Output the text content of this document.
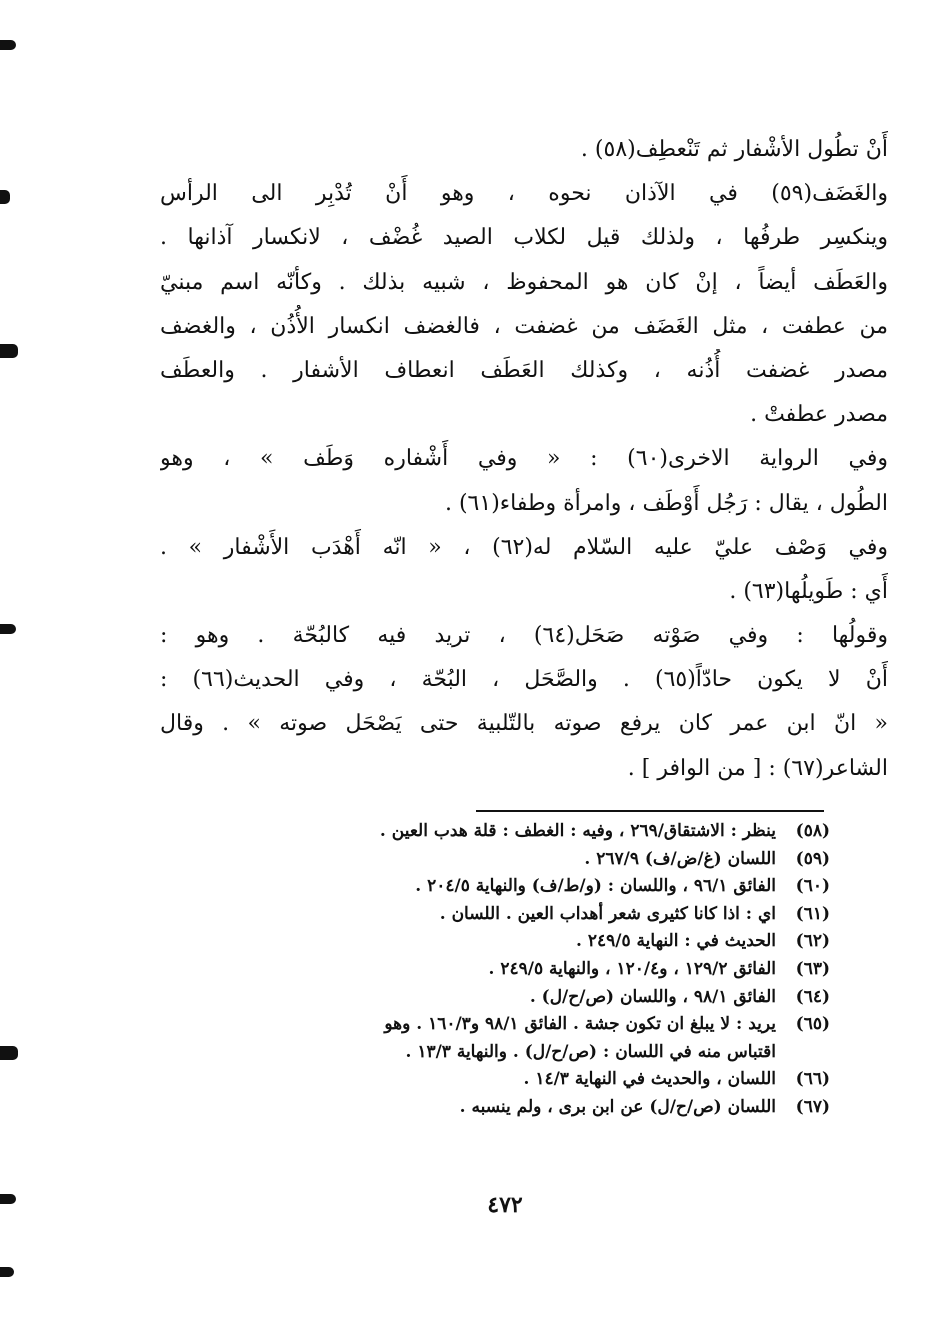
أَنْ تطُول الأشْفار ثم تَنْعطِف(٥٨) .
والغَضَف(٥٩) في الآذان نحوه ، وهو أَنْ تُدْبِر الى الرأس
وينكسِر طرفُها ، ولذلك قيل لكلاب الصيد غُضْف ، لانكسار آذانها .
والعَطَف أيضاً ، إنْ كان هو المحفوظ ، شبيه بذلك . وكأنّه اسم مبنيّ
من عطفت ، مثل الغَضَف من غضفت ، فالغضف انكسار الأُذُن ، والغضف
مصدر غضفت أُذُنه ، وكذلك العَطَف انعطاف الأشفار . والعطَف
مصدر عطفتْ .
وفي الرواية الاخرى(٦٠) : « وفي أَشْفاره وَطَف » ، وهو
الطُول ، يقال : رَجُل أَوْطَف ، وامرأة وطفاء(٦١) .
وفي وَصْف عليّ عليه السّلام له(٦٢) ، « انّه أَهْدَب الأَشْفار » .
أَي : طَويلُها(٦٣) .
وقولُها : وفي صَوْته صَحَل(٦٤) ، تريد فيه كالبُحّة . وهو :
أَنْ لا يكون حادّاً(٦٥) . والصَّحَل ، البُحّة ، وفي الحديث(٦٦) :
« انّ ابن عمر كان يرفع صوته بالتّلبية حتى يَصْحَل صوته » . وقال
الشاعر(٦٧) : [ من الوافر ] .
(٥٨)
ينظر : الاشتقاق/٢٦٩ ، وفيه : الغطف : قلة هدب العين .
(٥٩)
اللسان (غ/ض/ف) ٢٦٧/٩ .
(٦٠)
الفائق ٩٦/١ ، واللسان : (و/ط/ف) والنهاية ٢٠٤/٥ .
(٦١)
اي : اذا كانا كثيرى شعر أهداب العين . اللسان .
(٦٢)
الحديث في : النهاية ٢٤٩/٥ .
(٦٣)
الفائق ١٢٩/٢ ، و١٢٠/٤ ، والنهاية ٢٤٩/٥ .
(٦٤)
الفائق ٩٨/١ ، واللسان (ص/ح/ل) .
(٦٥)
يريد : لا يبلغ ان تكون جشة . الفائق ٩٨/١ و١٦٠/٣ . وهو
اقتباس منه في اللسان : (ص/ح/ل) . والنهاية ١٣/٣ .
(٦٦)
اللسان ، والحديث في النهاية ١٤/٣ .
(٦٧)
اللسان (ص/ح/ل) عن ابن برى ، ولم ينسبه .
٤٧٢
